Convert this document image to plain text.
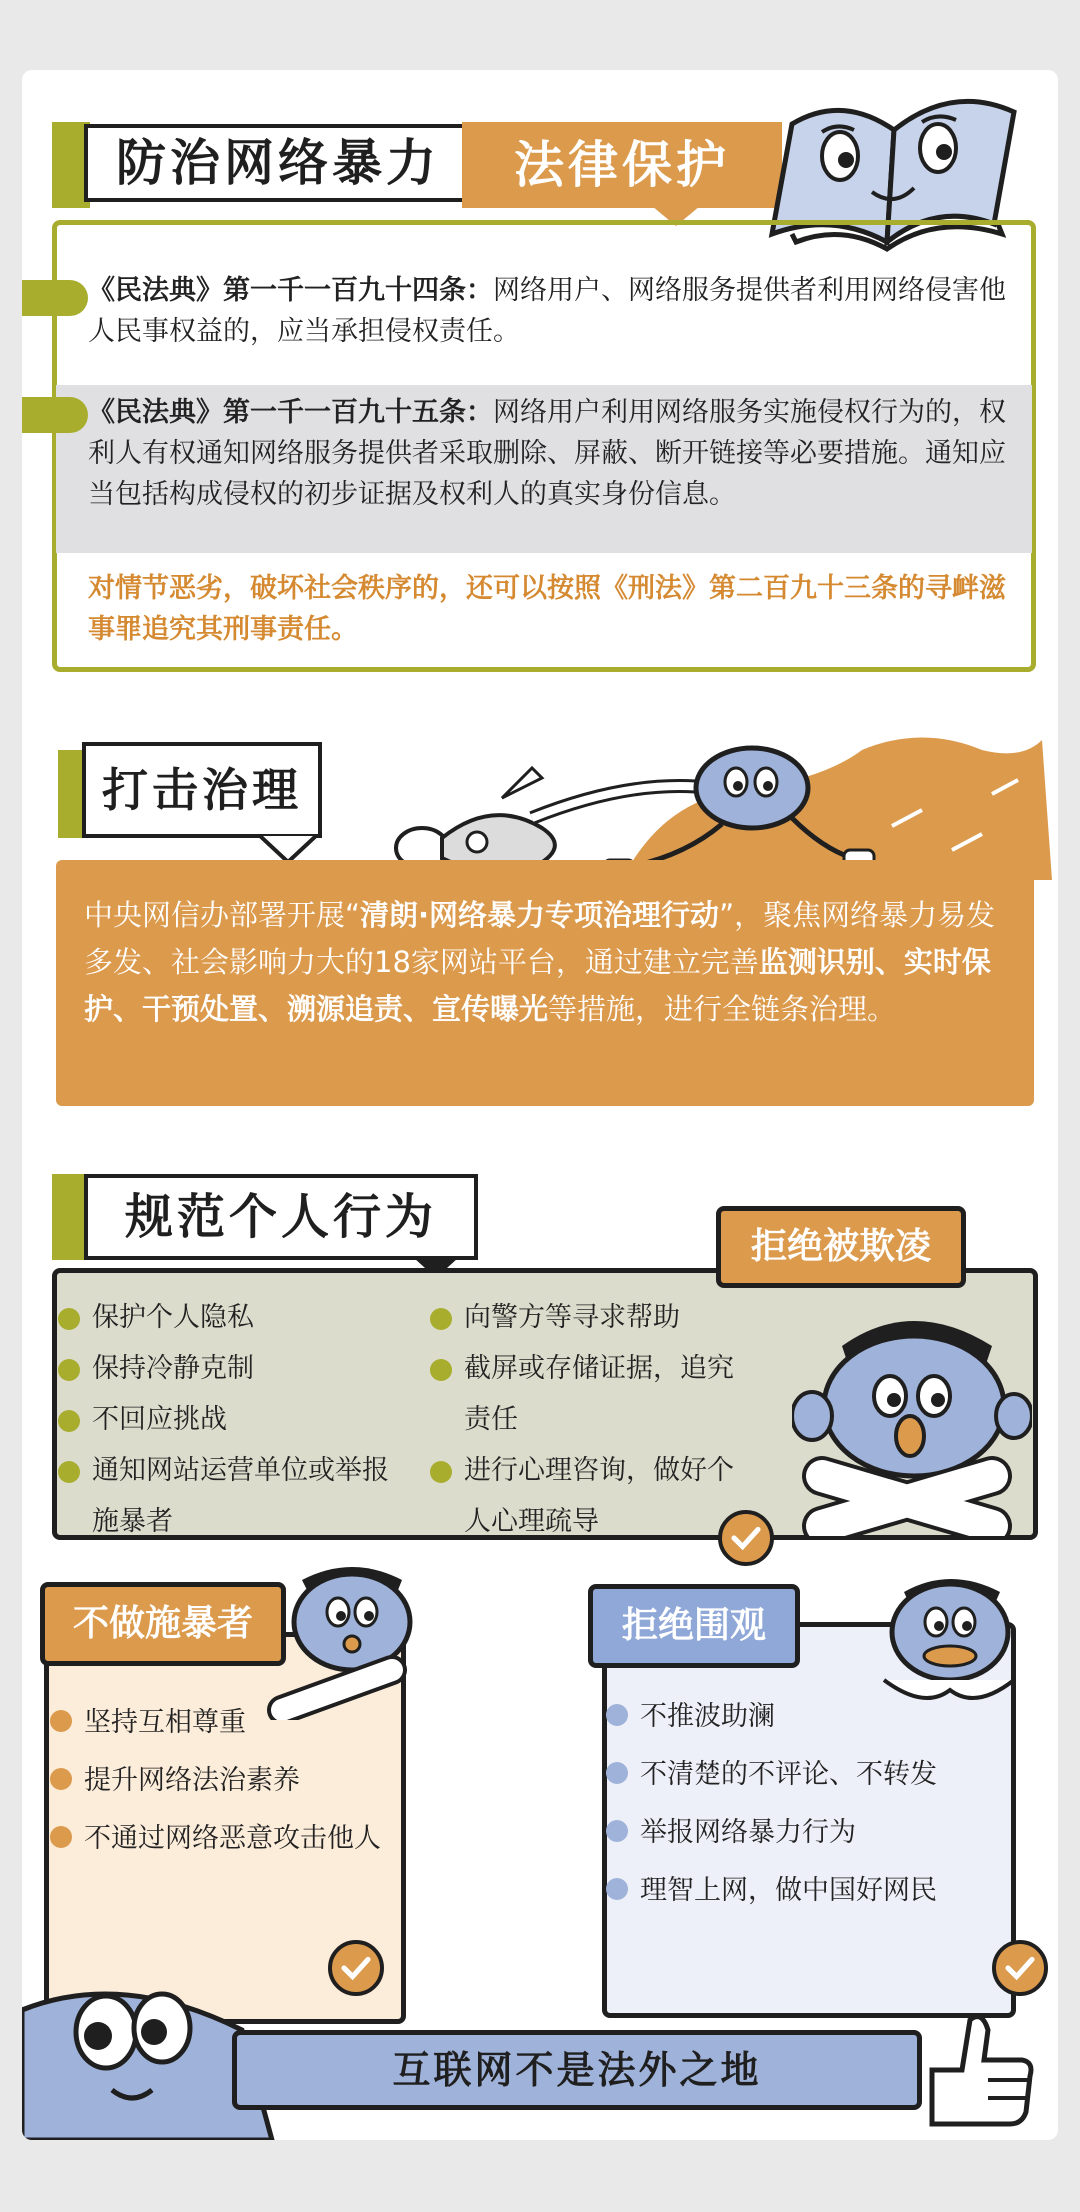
防治网络暴力	法律保护
《民法典》第一千一百九十四条：网络用户、网络服务提供者利用网络侵害他人民事权益的，应当承担侵权责任。
《民法典》第一千一百九十五条：网络用户利用网络服务实施侵权行为的，权利人有权通知网络服务提供者采取删除、屏蔽、断开链接等必要措施。通知应当包括构成侵权的初步证据及权利人的真实身份信息。
对情节恶劣，破坏社会秩序的，还可以按照《刑法》第二百九十三条的寻衅滋事罪追究其刑事责任。
打击治理
中央网信办部署开展“清朗·网络暴力专项治理行动”，聚焦网络暴力易发多发、社会影响力大的18家网站平台，通过建立完善监测识别、实时保护、干预处置、溯源追责、宣传曝光等措施，进行全链条治理。
规范个人行为
拒绝被欺凌
保护个人隐私
保持冷静克制
不回应挑战
通知网站运营单位或举报施暴者
向警方等寻求帮助
截屏或存储证据，追究责任
进行心理咨询，做好个人心理疏导
不做施暴者
坚持互相尊重
提升网络法治素养
不通过网络恶意攻击他人
拒绝围观
不推波助澜
不清楚的不评论、不转发
举报网络暴力行为
理智上网，做中国好网民
互联网不是法外之地
